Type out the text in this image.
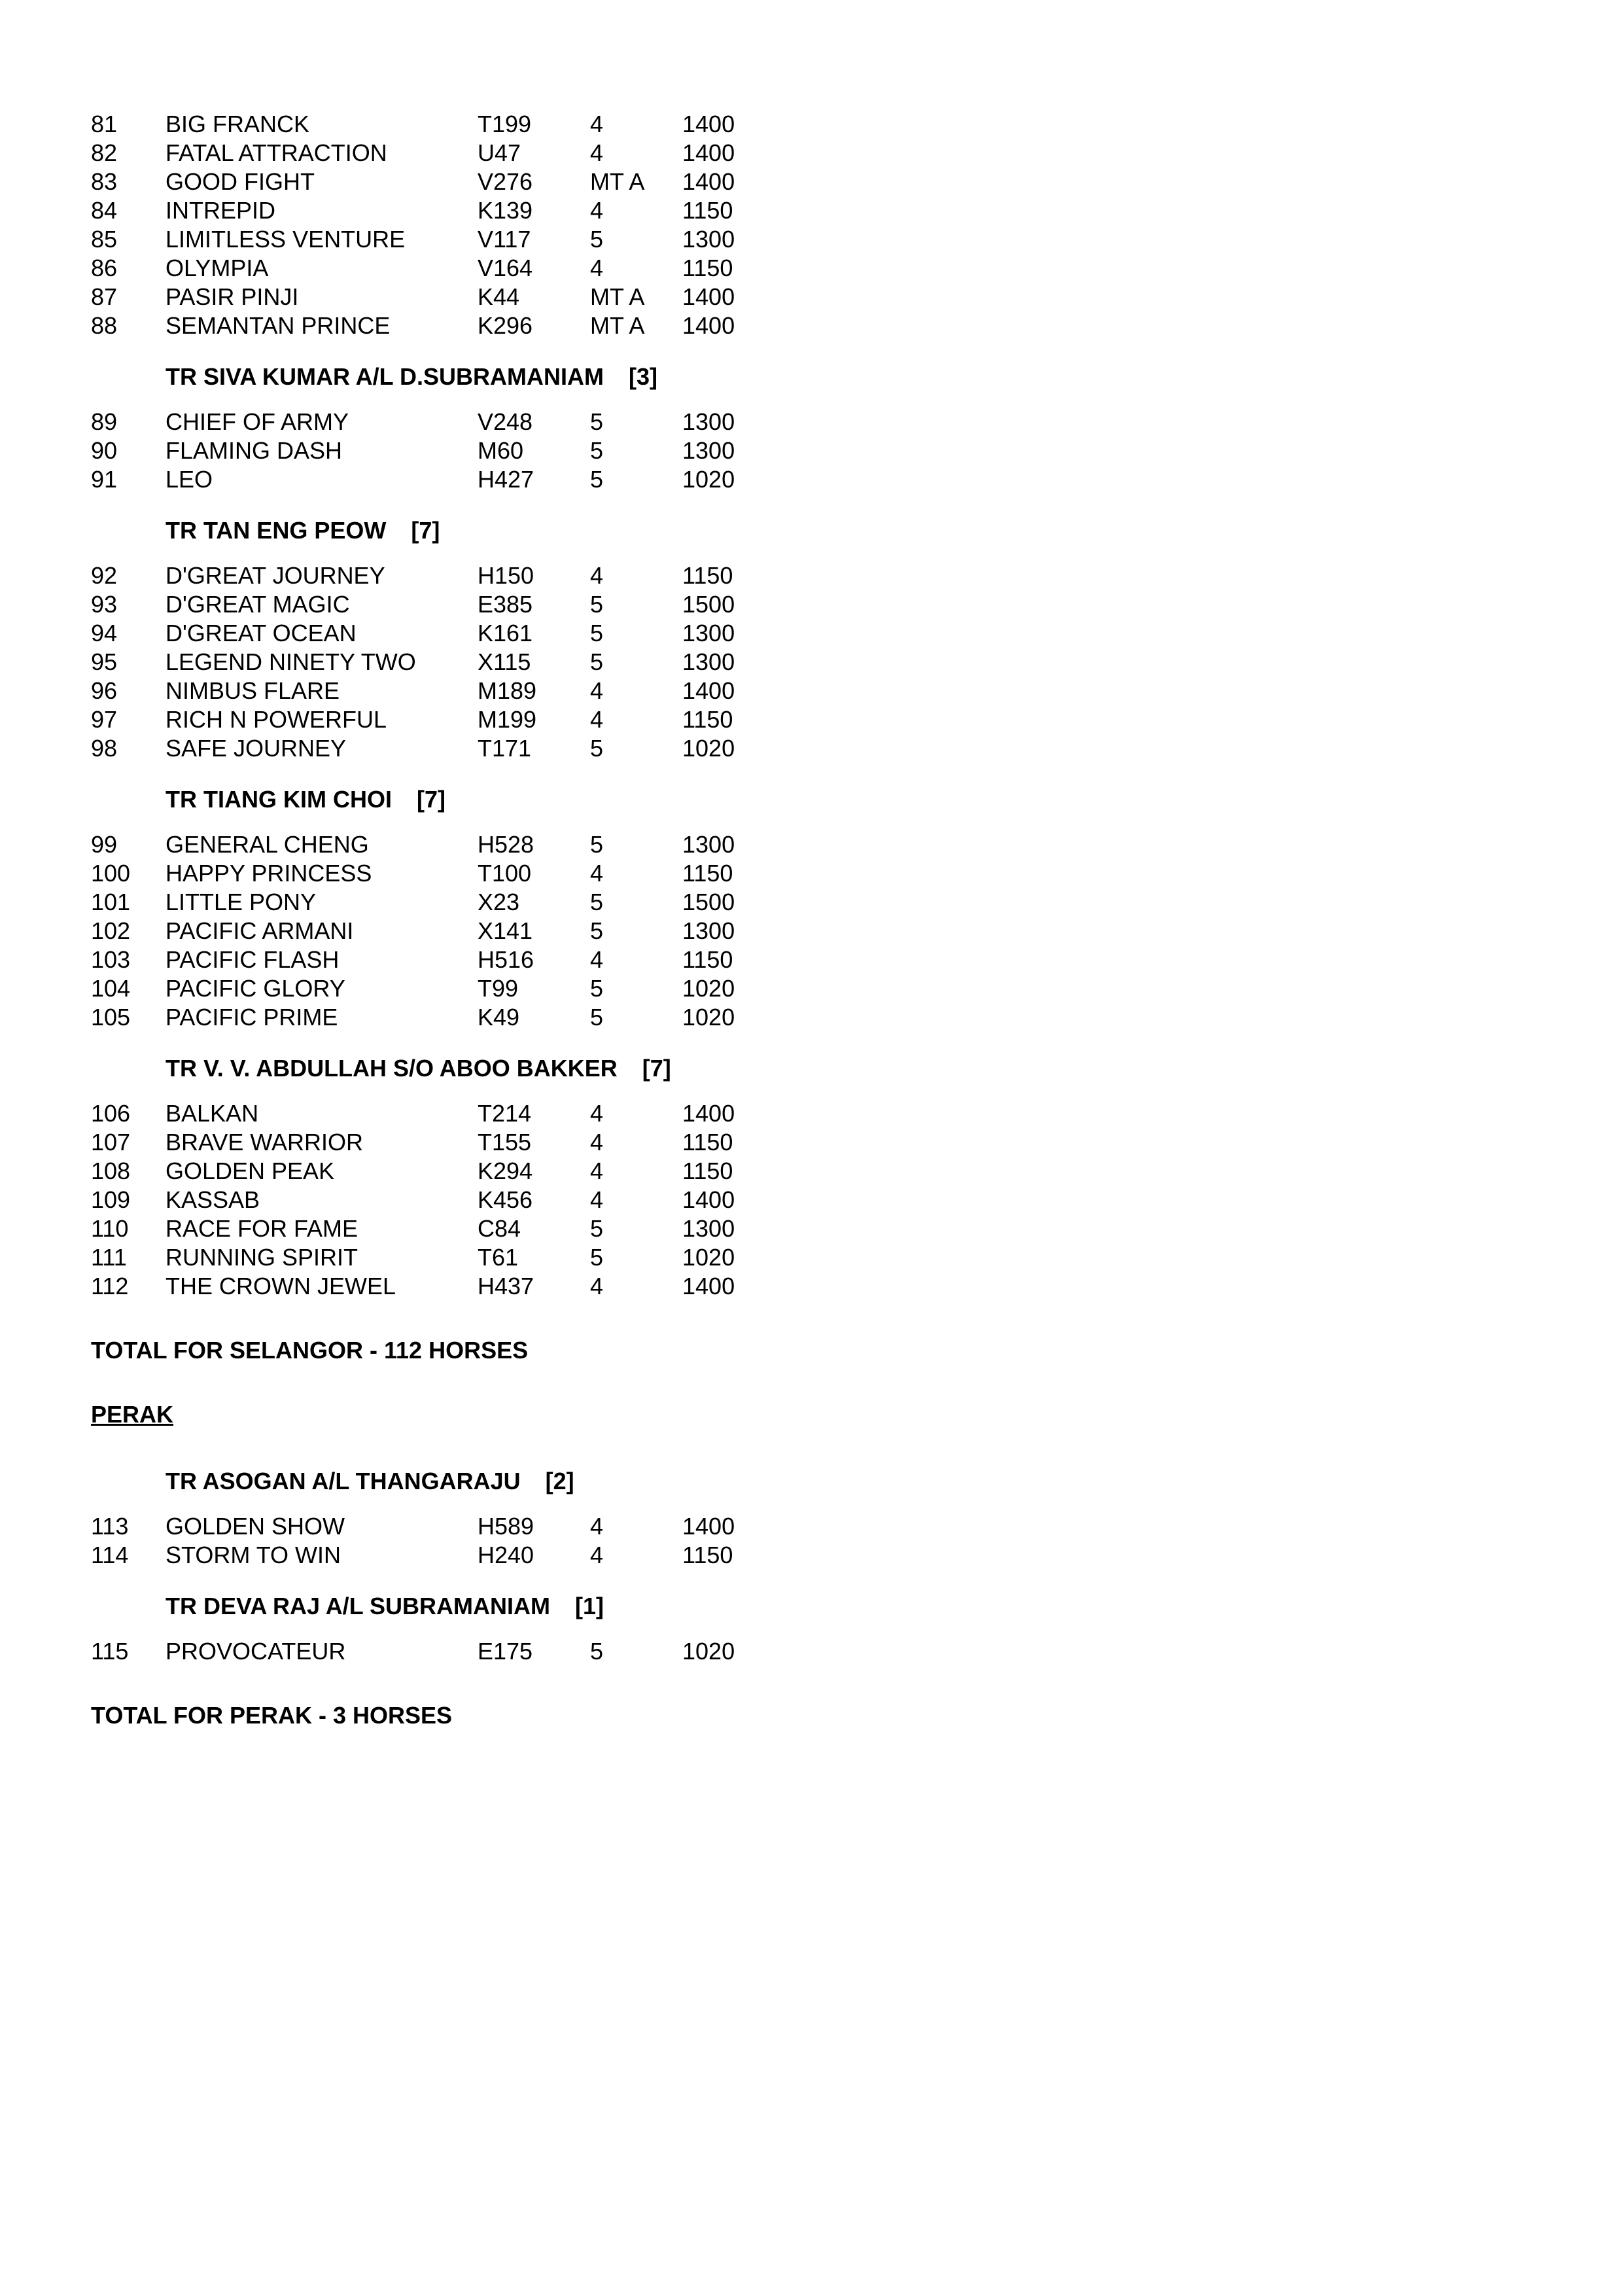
81 BIG FRANCK	T199 4	1400
82 FATAL ATTRACTION	U47	4	1400
83 GOOD FIGHT	V276 MT A 1400
84 INTREPID	K139 4	1150
85 LIMITLESS VENTURE	V117	5	1300
86 OLYMPIA	V164 4	1150
87 PASIR PINJI	K44	MT A 1400
88 SEMANTAN PRINCE	K296 MT A 1400
TR SIVA KUMAR A/L D.SUBRAMANIAM [3]
89 CHIEF OF ARMY	V248 5	1300
90 FLAMING DASH	M60	5	1300
91 LEO	H427 5	1020
TR TAN ENG PEOW [7]
92 D'GREAT JOURNEY	H150 4	1150
93 D'GREAT MAGIC	E385 5	1500
94 D'GREAT OCEAN	K161 5	1300
95 LEGEND NINETY TWO	X115	5	1300
96 NIMBUS FLARE	M189 4	1400
97 RICH N POWERFUL	M199 4	1150
98 SAFE JOURNEY	T171 5	1020
TR TIANG KIM CHOI [7]
99 GENERAL CHENG	H528 5	1300
100 HAPPY PRINCESS	T100 4	1150
101 LITTLE PONY	X23	5	1500
102 PACIFIC ARMANI	X141 5	1300
103 PACIFIC FLASH	H516 4	1150
104 PACIFIC GLORY	T99	5	1020
105 PACIFIC PRIME	K49	5	1020
TR V. V. ABDULLAH S/O ABOO BAKKER [7]
106 BALKAN	T214 4	1400
107 BRAVE WARRIOR	T155 4	1150
108 GOLDEN PEAK	K294 4	1150
109 KASSAB	K456 4	1400
110 RACE FOR FAME	C84	5	1300
111 RUNNING SPIRIT	T61	5	1020
112 THE CROWN JEWEL	H437 4	1400
TOTAL FOR SELANGOR - 112 HORSES
PERAK
TR ASOGAN A/L THANGARAJU [2]
113 GOLDEN SHOW	H589 4	1400
114 STORM TO WIN	H240 4	1150
TR DEVA RAJ A/L SUBRAMANIAM [1]
115 PROVOCATEUR	E175 5	1020
TOTAL FOR PERAK - 3 HORSES
